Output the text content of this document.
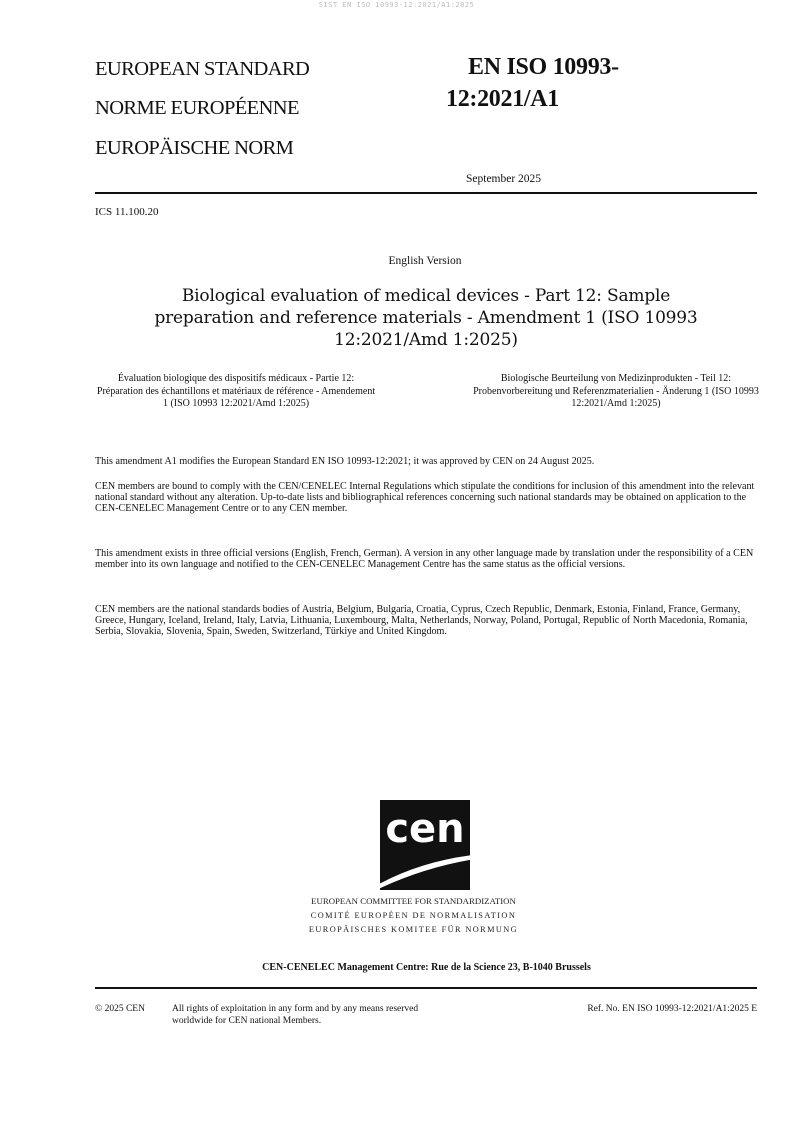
SIST EN ISO 10993-12:2021/A1:2025
EUROPEAN STANDARD
NORME EUROPÉENNE
EUROPÄISCHE NORM
EN ISO 10993-
12:2021/A1
September 2025
ICS 11.100.20
English Version
Biological evaluation of medical devices - Part 12: Sample preparation and reference materials - Amendment 1 (ISO 10993 12:2021/Amd 1:2025)
Évaluation biologique des dispositifs médicaux - Partie 12: Préparation des échantillons et matériaux de référence - Amendement 1 (ISO 10993 12:2021/Amd 1:2025)
Biologische Beurteilung von Medizinprodukten - Teil 12: Probenvorbereitung und Referenzmaterialien - Änderung 1 (ISO 10993 12:2021/Amd 1:2025)
This amendment A1 modifies the European Standard EN ISO 10993-12:2021; it was approved by CEN on 24 August 2025.
CEN members are bound to comply with the CEN/CENELEC Internal Regulations which stipulate the conditions for inclusion of this amendment into the relevant national standard without any alteration. Up-to-date lists and bibliographical references concerning such national standards may be obtained on application to the CEN-CENELEC Management Centre or to any CEN member.
This amendment exists in three official versions (English, French, German). A version in any other language made by translation under the responsibility of a CEN member into its own language and notified to the CEN-CENELEC Management Centre has the same status as the official versions.
CEN members are the national standards bodies of Austria, Belgium, Bulgaria, Croatia, Cyprus, Czech Republic, Denmark, Estonia, Finland, France, Germany, Greece, Hungary, Iceland, Ireland, Italy, Latvia, Lithuania, Luxembourg, Malta, Netherlands, Norway, Poland, Portugal, Republic of North Macedonia, Romania, Serbia, Slovakia, Slovenia, Spain, Sweden, Switzerland, Türkiye and United Kingdom.
cen
EUROPEAN COMMITTEE FOR STANDARDIZATION
COMITÉ EUROPÉEN DE NORMALISATION
EUROPÄISCHES KOMITEE FÜR NORMUNG
CEN-CENELEC Management Centre: Rue de la Science 23, B-1040 Brussels
© 2025 CEN	All rights of exploitation in any form and by any means reserved
worldwide for CEN national Members.
Ref. No. EN ISO 10993-12:2021/A1:2025 E
